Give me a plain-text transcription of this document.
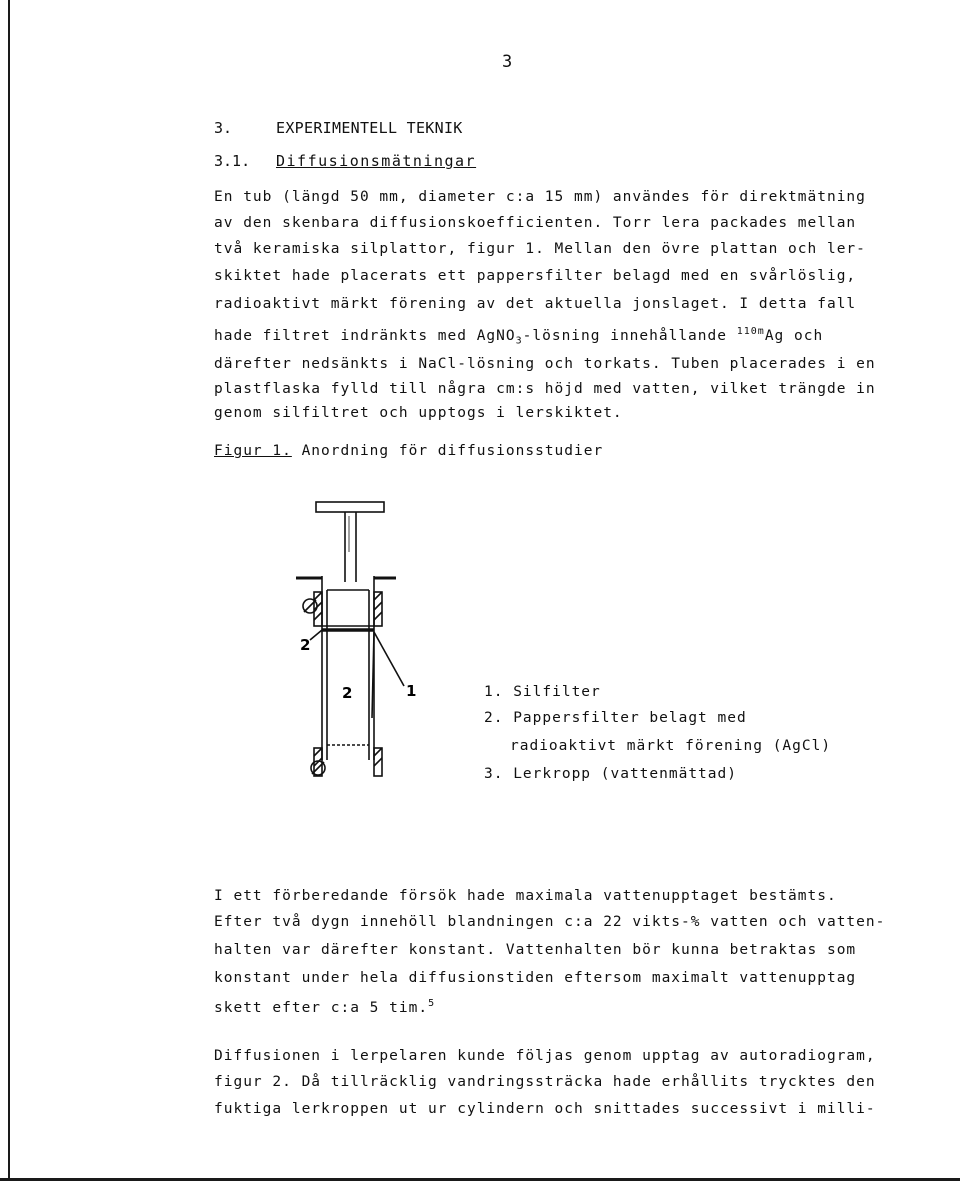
3
3.	EXPERIMENTELL TEKNIK
3.1. Diffusionsmätningar
En tub (längd 50 mm, diameter c:a 15 mm) användes för direktmätning
av den skenbara diffusionskoefficienten. Torr lera packades mellan
två keramiska silplattor, figur 1. Mellan den övre plattan och ler-
skiktet hade placerats ett pappersfilter belagd med en svårlöslig,
radioaktivt märkt förening av det aktuella jonslaget. I detta fall
hade filtret indränkts med AgNO$_3$-lösning innehållande $^{110m}$Ag och
därefter nedsänkts i NaCl-lösning och torkats. Tuben placerades i en
plastflaska fylld till några cm:s höjd med vatten, vilket trängde in
genom silfiltret och upptogs i lerskiktet.
Figur 1. Anordning för diffusionsstudier
2
2	1	1. Silfilter
2. Pappersfilter belagt med
radioaktivt märkt förening (AgCl)
3. Lerkropp (vattenmättad)
I ett förberedande försök hade maximala vattenupptaget bestämts.
Efter två dygn innehöll blandningen c:a 22 vikts-% vatten och vatten-
halten var därefter konstant. Vattenhalten bör kunna betraktas som
konstant under hela diffusionstiden eftersom maximalt vattenupptag
skett efter c:a 5 tim.$^5$
Diffusionen i lerpelaren kunde följas genom upptag av autoradiogram,
figur 2. Då tillräcklig vandringssträcka hade erhållits trycktes den
fuktiga lerkroppen ut ur cylindern och snittades successivt i milli-
